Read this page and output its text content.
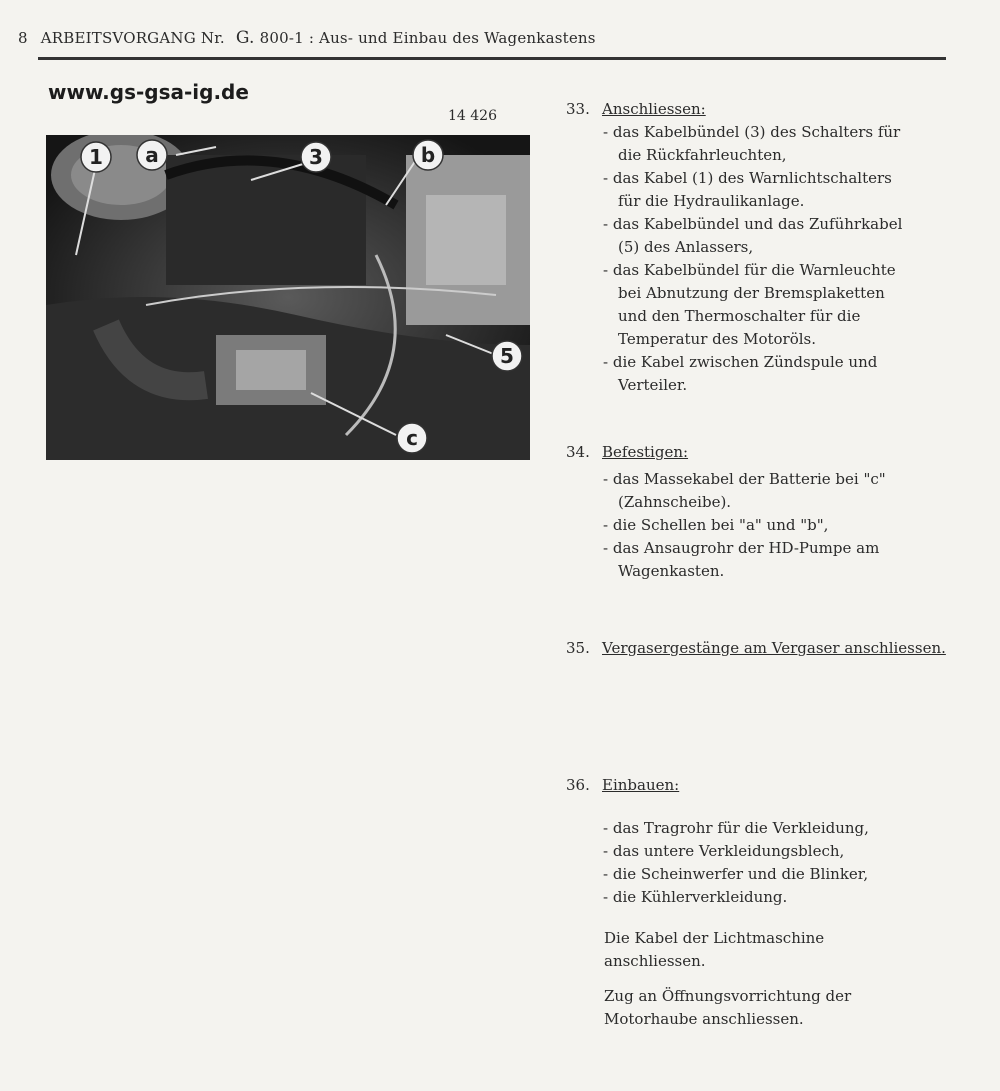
8 ARBEITSVORGANG Nr. G. 800-1 : Aus- und Einbau des Wagenkastens
www.gs-gsa-ig.de
14 426
1 a	3	b
5
c
33. Anschliessen:
- das Kabelbündel (3) des Schalters für die Rückfahrleuchten,
- das Kabel (1) des Warnlichtschalters für die Hydraulikanlage.
- das Kabelbündel und das Zuführkabel (5) des Anlassers,
- das Kabelbündel für die Warnleuchte bei Abnutzung der Bremsplaketten und den Thermoschalter für die Temperatur des Motoröls.
- die Kabel zwischen Zündspule und Verteiler.
34. Befestigen:
- das Massekabel der Batterie bei "c" (Zahnscheibe).
- die Schellen bei "a" und "b",
- das Ansaugrohr der HD-Pumpe am Wagenkasten.
35. Vergasergestänge am Vergaser anschliessen.
36. Einbauen:
- das Tragrohr für die Verkleidung,
- das untere Verkleidungsblech,
- die Scheinwerfer und die Blinker,
- die Kühlerverkleidung.
Die Kabel der Lichtmaschine anschliessen.
Zug an Öffnungsvorrichtung der Motorhaube anschliessen.
